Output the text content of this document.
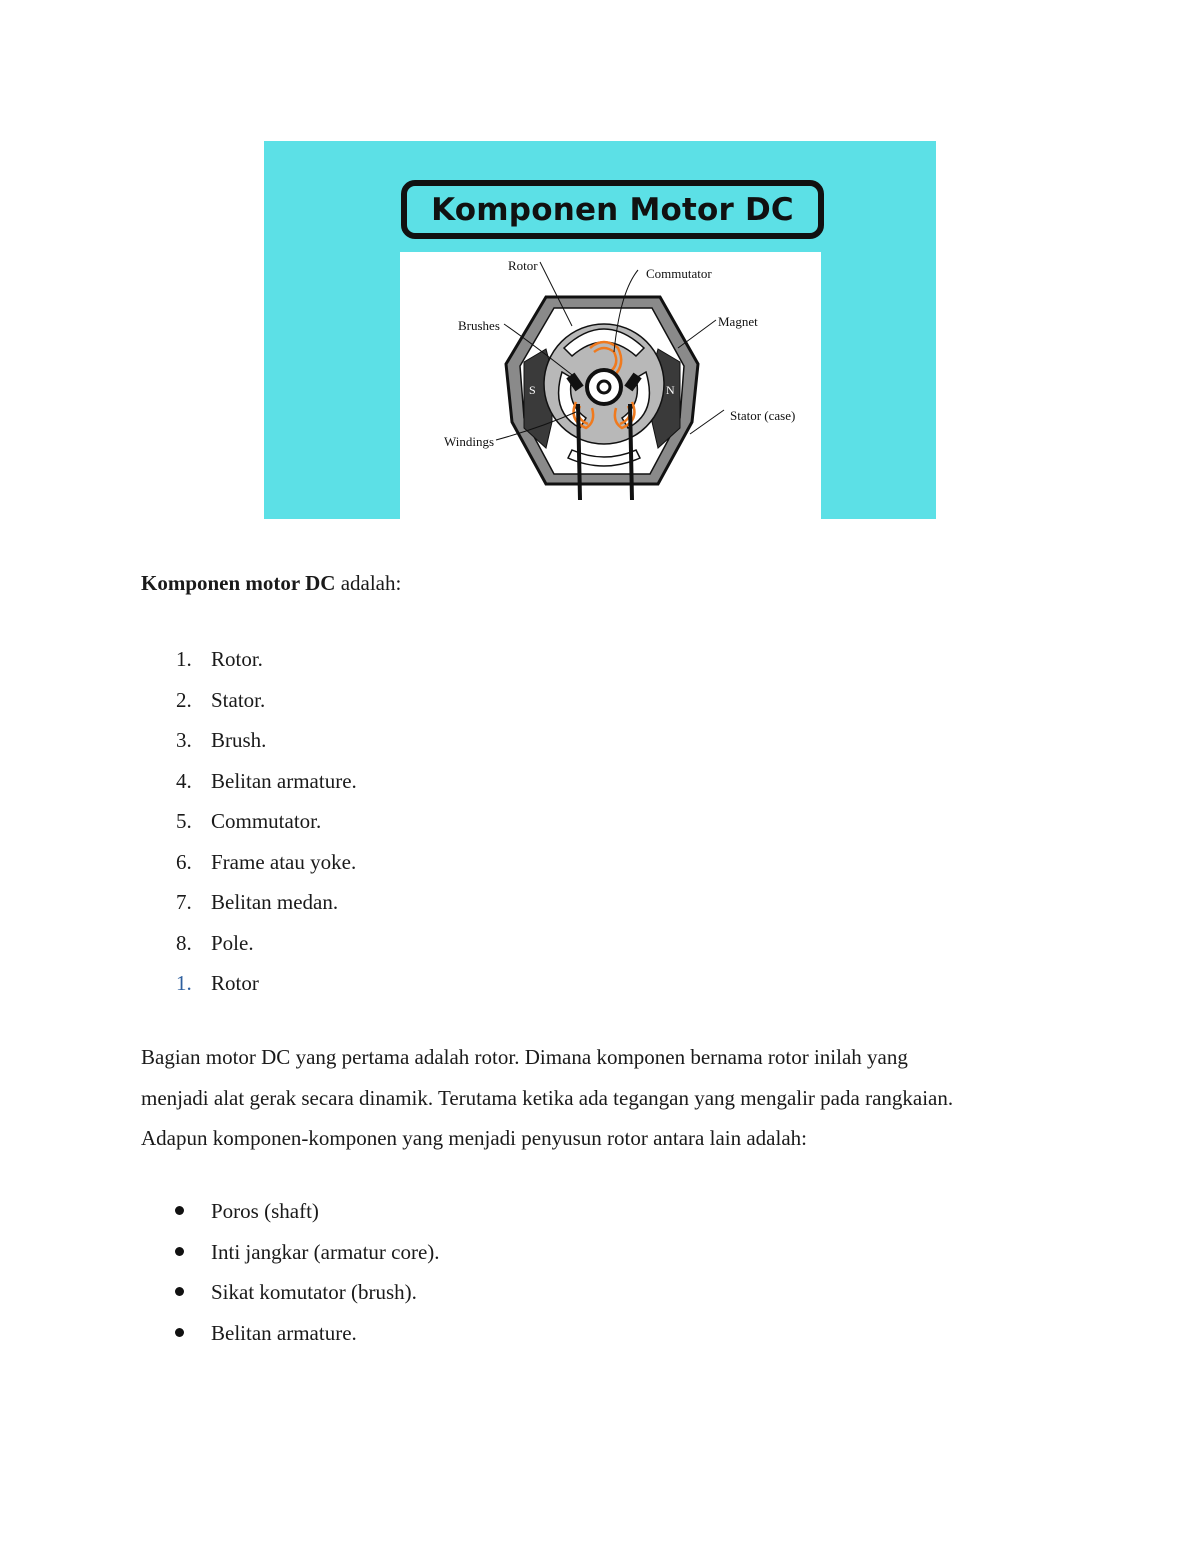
Komponen Motor DC
S	N
Rotor
Commutator
Brushes	Magnet
Stator (case)
Windings

Komponen motor DC adalah:

1. Rotor.
2. Stator.
3. Brush.
4. Belitan armature.
5. Commutator.
6. Frame atau yoke.
7. Belitan medan.
8. Pole.
1. Rotor

Bagian motor DC yang pertama adalah rotor. Dimana komponen bernama rotor inilah yang
menjadi alat gerak secara dinamik. Terutama ketika ada tegangan yang mengalir pada rangkaian.
Adapun komponen-komponen yang menjadi penyusun rotor antara lain adalah:

Poros (shaft)
Inti jangkar (armatur core).
Sikat komutator (brush).
Belitan armature.
